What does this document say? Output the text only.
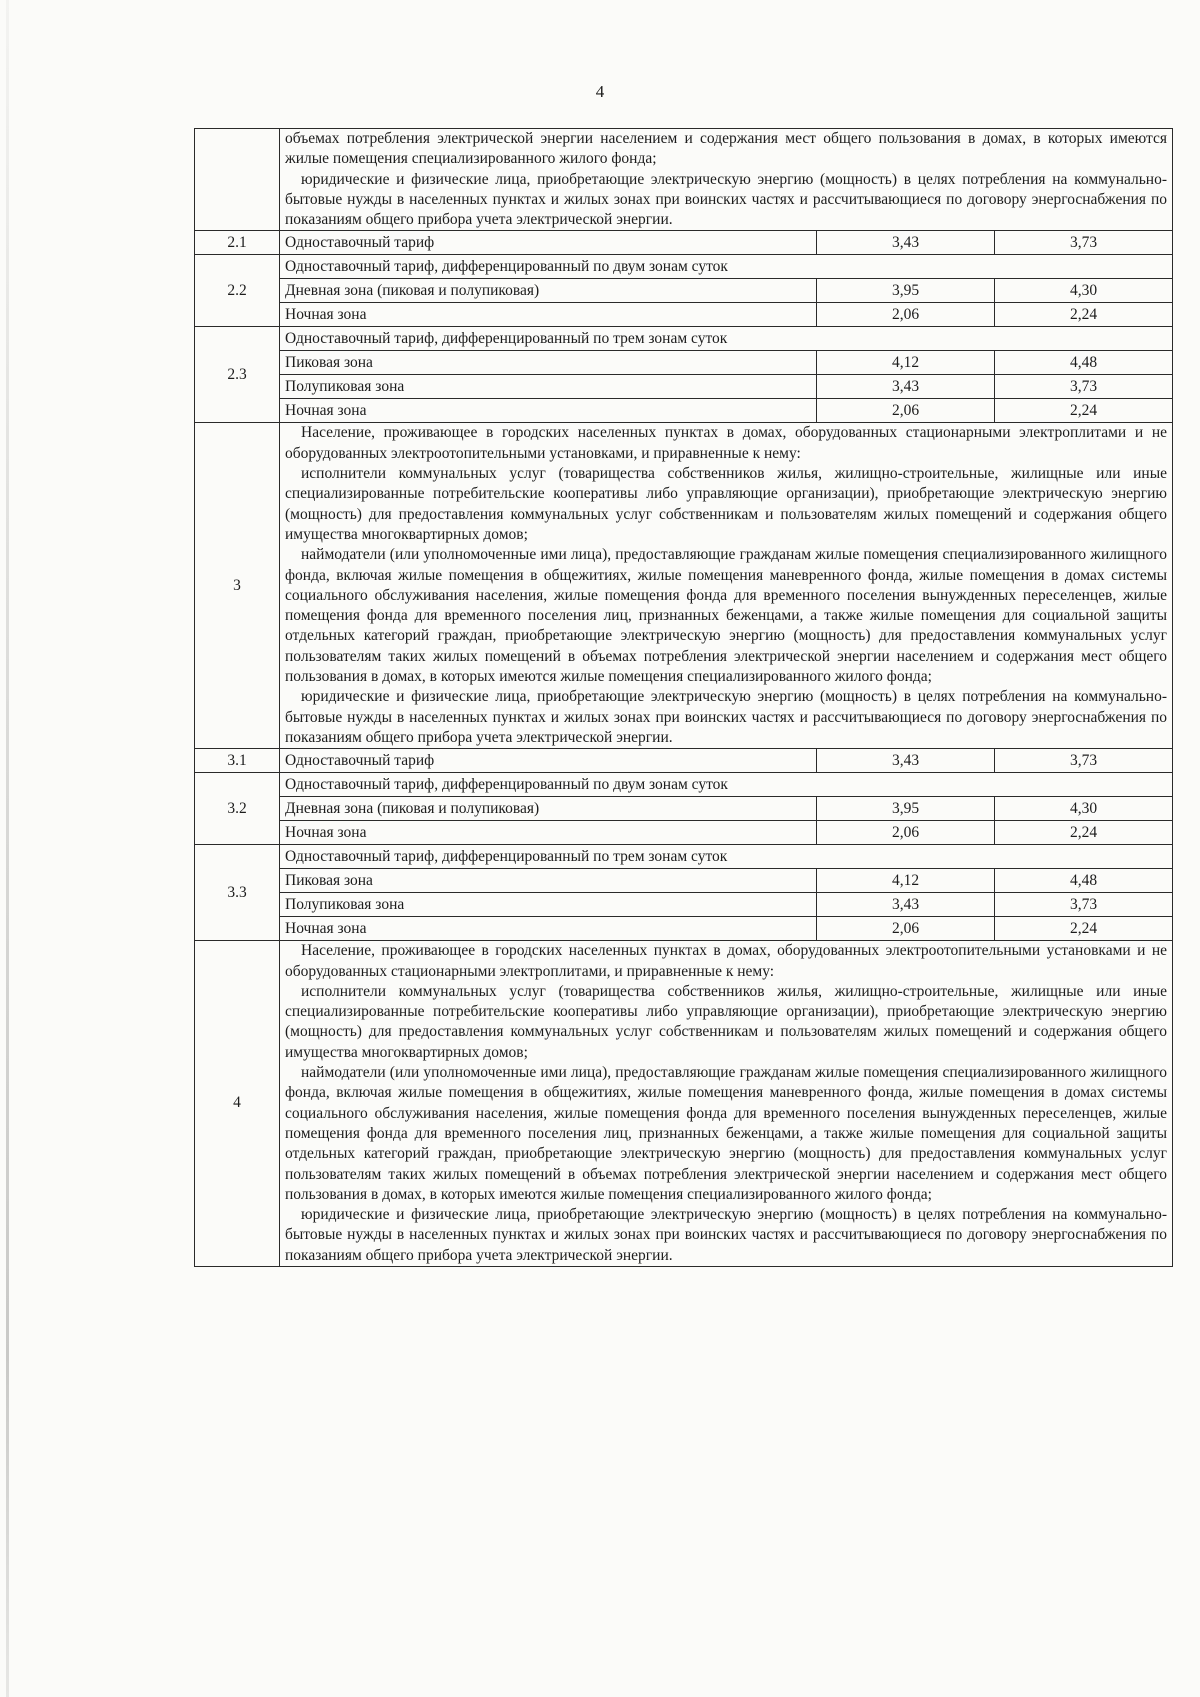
4

	объемах потребления электрической энергии населением и содержания мест общего пользования в домах, в которых имеются жилые помещения специализированного жилого фонда;

юридические и физические лица, приобретающие электрическую энергию (мощность) в целях потребления на коммунально-бытовые нужды в населенных пунктах и жилых зонах при воинских частях и рассчитывающиеся по договору энергоснабжения по показаниям общего прибора учета электрической энергии.		

2.1	Одноставочный тариф	3,43	3,73
2.2	Одноставочный тариф, дифференцированный по двум зонам суток		
	Дневная зона (пиковая и полупиковая)	3,95	4,30
	Ночная зона	2,06	2,24
2.3	Одноставочный тариф, дифференцированный по трем зонам суток		
	Пиковая зона	4,12	4,48
	Полупиковая зона	3,43	3,73
	Ночная зона	2,06	2,24
3	Население, проживающее в городских населенных пунктах в домах, оборудованных стационарными электроплитами и не оборудованных электроотопительными установками, и приравненные к нему:

исполнители коммунальных услуг (товарищества собственников жилья, жилищно-строительные, жилищные или иные специализированные потребительские кооперативы либо управляющие организации), приобретающие электрическую энергию (мощность) для предоставления коммунальных услуг собственникам и пользователям жилых помещений и содержания общего имущества многоквартирных домов;

наймодатели (или уполномоченные ими лица), предоставляющие гражданам жилые помещения специализированного жилищного фонда, включая жилые помещения в общежитиях, жилые помещения маневренного фонда, жилые помещения в домах системы социального обслуживания населения, жилые помещения фонда для временного поселения вынужденных переселенцев, жилые помещения фонда для временного поселения лиц, признанных беженцами, а также жилые помещения для социальной защиты отдельных категорий граждан, приобретающие электрическую энергию (мощность) для предоставления коммунальных услуг пользователям таких жилых помещений в объемах потребления электрической энергии населением и содержания мест общего пользования в домах, в которых имеются жилые помещения специализированного жилого фонда;

юридические и физические лица, приобретающие электрическую энергию (мощность) в целях потребления на коммунально-бытовые нужды в населенных пунктах и жилых зонах при воинских частях и рассчитывающиеся по договору энергоснабжения по показаниям общего прибора учета электрической энергии.		

3.1	Одноставочный тариф	3,43	3,73
3.2	Одноставочный тариф, дифференцированный по двум зонам суток		
	Дневная зона (пиковая и полупиковая)	3,95	4,30
	Ночная зона	2,06	2,24
3.3	Одноставочный тариф, дифференцированный по трем зонам суток		
	Пиковая зона	4,12	4,48
	Полупиковая зона	3,43	3,73
	Ночная зона	2,06	2,24
4	Население, проживающее в городских населенных пунктах в домах, оборудованных электроотопительными установками и не оборудованных стационарными электроплитами, и приравненные к нему:

исполнители коммунальных услуг (товарищества собственников жилья, жилищно-строительные, жилищные или иные специализированные потребительские кооперативы либо управляющие организации), приобретающие электрическую энергию (мощность) для предоставления коммунальных услуг собственникам и пользователям жилых помещений и содержания общего имущества многоквартирных домов;

наймодатели (или уполномоченные ими лица), предоставляющие гражданам жилые помещения специализированного жилищного фонда, включая жилые помещения в общежитиях, жилые помещения маневренного фонда, жилые помещения в домах системы социального обслуживания населения, жилые помещения фонда для временного поселения вынужденных переселенцев, жилые помещения фонда для временного поселения лиц, признанных беженцами, а также жилые помещения для социальной защиты отдельных категорий граждан, приобретающие электрическую энергию (мощность) для предоставления коммунальных услуг пользователям таких жилых помещений в объемах потребления электрической энергии населением и содержания мест общего пользования в домах, в которых имеются жилые помещения специализированного жилого фонда;

юридические и физические лица, приобретающие электрическую энергию (мощность) в целях потребления на коммунально-бытовые нужды в населенных пунктах и жилых зонах при воинских частях и рассчитывающиеся по договору энергоснабжения по показаниям общего прибора учета электрической энергии.		
